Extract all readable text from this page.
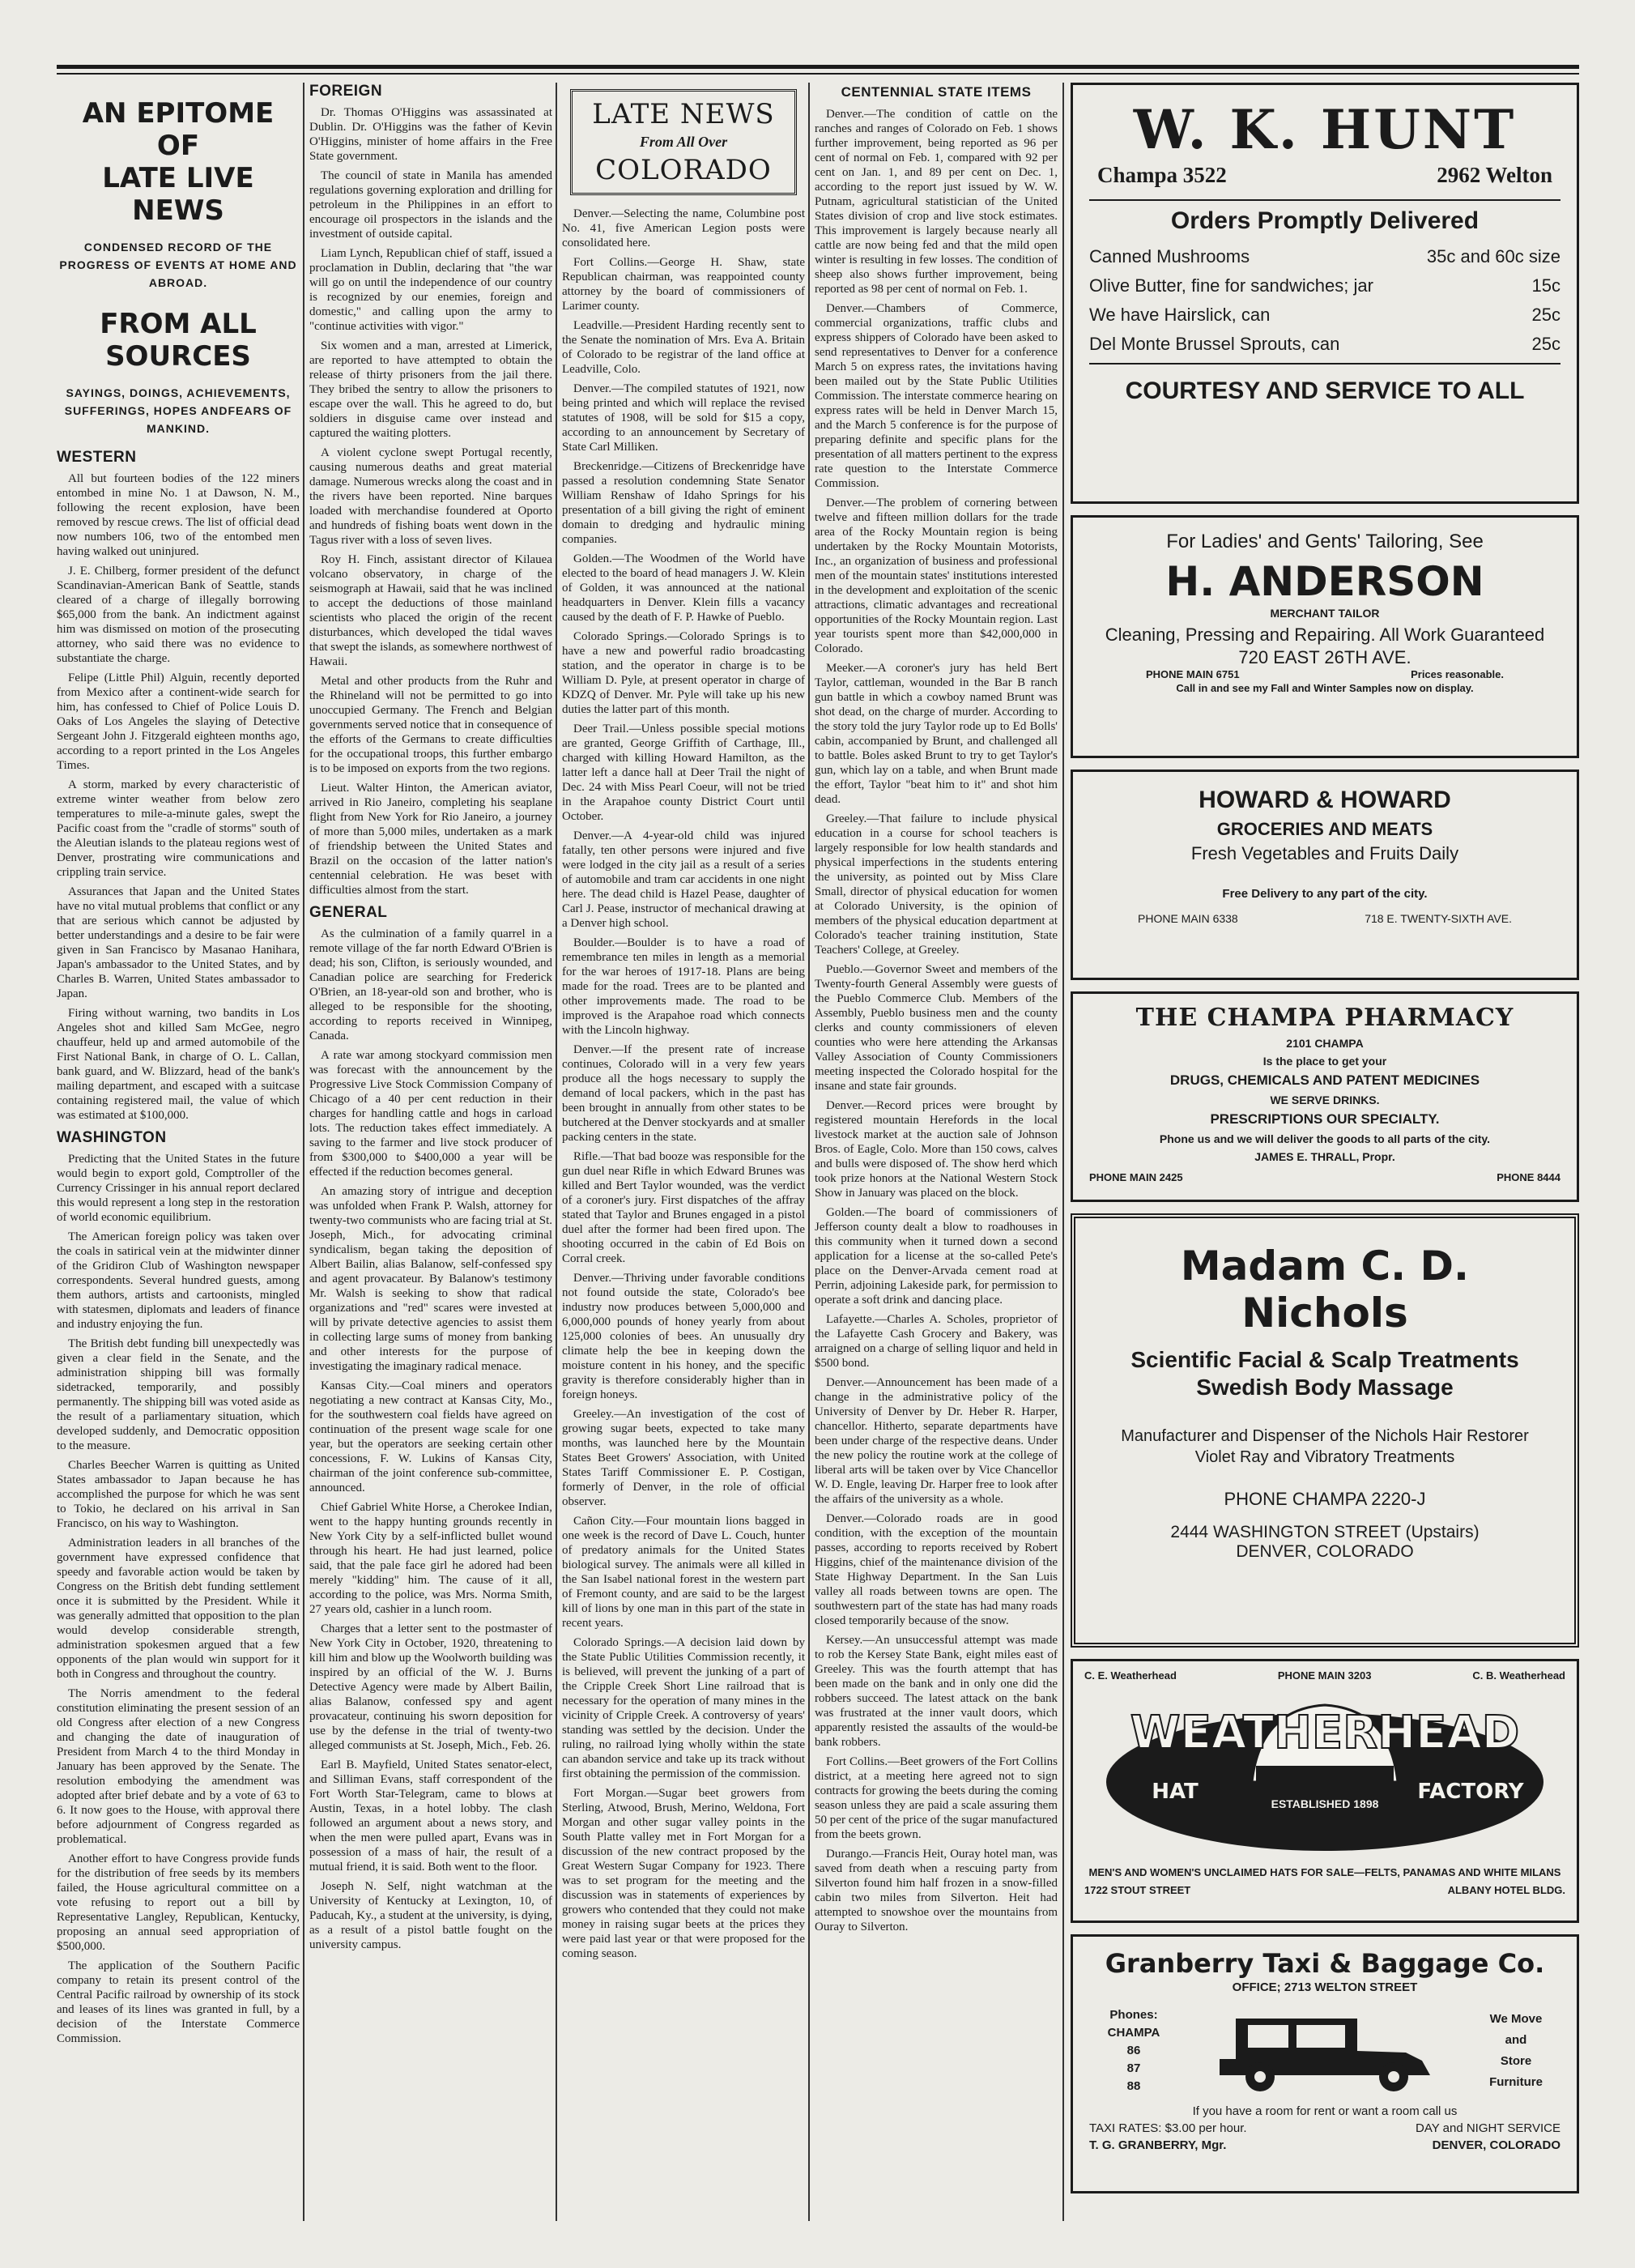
AN EPITOME OF
LATE LIVE NEWS
CONDENSED RECORD OF THE PROGRESS OF EVENTS AT HOME AND ABROAD.
FROM ALL SOURCES
SAYINGS, DOINGS, ACHIEVEMENTS, SUFFERINGS, HOPES ANDFEARS OF MANKIND.
WESTERN

All but fourteen bodies of the 122 miners entombed in mine No. 1 at Dawson, N. M., following the recent explosion, have been removed by rescue crews. The list of official dead now numbers 106, two of the entombed men having walked out uninjured.

J. E. Chilberg, former president of the defunct Scandinavian-American Bank of Seattle, stands cleared of a charge of illegally borrowing $65,000 from the bank. An indictment against him was dismissed on motion of the prosecuting attorney, who said there was no evidence to substantiate the charge.

Felipe (Little Phil) Alguin, recently deported from Mexico after a continent-wide search for him, has confessed to Chief of Police Louis D. Oaks of Los Angeles the slaying of Detective Sergeant John J. Fitzgerald eighteen months ago, according to a report printed in the Los Angeles Times.

A storm, marked by every characteristic of extreme winter weather from below zero temperatures to mile-a-minute gales, swept the Pacific coast from the "cradle of storms" south of the Aleutian islands to the plateau regions west of Denver, prostrating wire communications and crippling train service.

Assurances that Japan and the United States have no vital mutual problems that conflict or any that are serious which cannot be adjusted by better understandings and a desire to be fair were given in San Francisco by Masanao Hanihara, Japan's ambassador to the United States, and by Charles B. Warren, United States ambassador to Japan.

Firing without warning, two bandits in Los Angeles shot and killed Sam McGee, negro chauffeur, held up and armed automobile of the First National Bank, in charge of O. L. Callan, bank guard, and W. Blizzard, head of the bank's mailing department, and escaped with a suitcase containing registered mail, the value of which was estimated at $100,000.

WASHINGTON

Predicting that the United States in the future would begin to export gold, Comptroller of the Currency Crissinger in his annual report declared this would represent a long step in the restoration of world economic equilibrium.

The American foreign policy was taken over the coals in satirical vein at the midwinter dinner of the Gridiron Club of Washington newspaper correspondents. Several hundred guests, among them authors, artists and cartoonists, mingled with statesmen, diplomats and leaders of finance and industry enjoying the fun.

The British debt funding bill unexpectedly was given a clear field in the Senate, and the administration shipping bill was formally sidetracked, temporarily, and possibly permanently. The shipping bill was voted aside as the result of a parliamentary situation, which developed suddenly, and Democratic opposition to the measure.

Charles Beecher Warren is quitting as United States ambassador to Japan because he has accomplished the purpose for which he was sent to Tokio, he declared on his arrival in San Francisco, on his way to Washington.

Administration leaders in all branches of the government have expressed confidence that speedy and favorable action would be taken by Congress on the British debt funding settlement once it is submitted by the President. While it was generally admitted that opposition to the plan would develop considerable strength, administration spokesmen argued that a few opponents of the plan would win support for it both in Congress and throughout the country.

The Norris amendment to the federal constitution eliminating the present session of an old Congress after election of a new Congress and changing the date of inauguration of President from March 4 to the third Monday in January has been approved by the Senate. The resolution embodying the amendment was adopted after brief debate and by a vote of 63 to 6. It now goes to the House, with approval there before adjournment of Congress regarded as problematical.

Another effort to have Congress provide funds for the distribution of free seeds by its members failed, the House agricultural committee on a vote refusing to report out a bill by Representative Langley, Republican, Kentucky, proposing an annual seed appropriation of $500,000.

The application of the Southern Pacific company to retain its present control of the Central Pacific railroad by ownership of its stock and leases of its lines was granted in full, by a decision of the Interstate Commerce Commission.

FOREIGN

Dr. Thomas O'Higgins was assassinated at Dublin. Dr. O'Higgins was the father of Kevin O'Higgins, minister of home affairs in the Free State government.

The council of state in Manila has amended regulations governing exploration and drilling for petroleum in the Philippines in an effort to encourage oil prospectors in the islands and the investment of outside capital.

Liam Lynch, Republican chief of staff, issued a proclamation in Dublin, declaring that "the war will go on until the independence of our country is recognized by our enemies, foreign and domestic," and calling upon the army to "continue activities with vigor."

Six women and a man, arrested at Limerick, are reported to have attempted to obtain the release of thirty prisoners from the jail there. They bribed the sentry to allow the prisoners to escape over the wall. This he agreed to do, but soldiers in disguise came over instead and captured the waiting plotters.

A violent cyclone swept Portugal recently, causing numerous deaths and great material damage. Numerous wrecks along the coast and in the rivers have been reported. Nine barques loaded with merchandise foundered at Oporto and hundreds of fishing boats went down in the Tagus river with a loss of seven lives.

Roy H. Finch, assistant director of Kilauea volcano observatory, in charge of the seismograph at Hawaii, said that he was inclined to accept the deductions of those mainland scientists who placed the origin of the recent disturbances, which developed the tidal waves that swept the islands, as somewhere northwest of Hawaii.

Metal and other products from the Ruhr and the Rhineland will not be permitted to go into unoccupied Germany. The French and Belgian governments served notice that in consequence of the efforts of the Germans to create difficulties for the occupational troops, this further embargo is to be imposed on exports from the two regions.

Lieut. Walter Hinton, the American aviator, arrived in Rio Janeiro, completing his seaplane flight from New York for Rio Janeiro, a journey of more than 5,000 miles, undertaken as a mark of friendship between the United States and Brazil on the occasion of the latter nation's centennial celebration. He was beset with difficulties almost from the start.

GENERAL

As the culmination of a family quarrel in a remote village of the far north Edward O'Brien is dead; his son, Clifton, is seriously wounded, and Canadian police are searching for Frederick O'Brien, an 18-year-old son and brother, who is alleged to be responsible for the shooting, according to reports received in Winnipeg, Canada.

A rate war among stockyard commission men was forecast with the announcement by the Progressive Live Stock Commission Company of Chicago of a 40 per cent reduction in their charges for handling cattle and hogs in carload lots. The reduction takes effect immediately. A saving to the farmer and live stock producer of from $300,000 to $400,000 a year will be effected if the reduction becomes general.

An amazing story of intrigue and deception was unfolded when Frank P. Walsh, attorney for twenty-two communists who are facing trial at St. Joseph, Mich., for advocating criminal syndicalism, began taking the deposition of Albert Bailin, alias Balanow, self-confessed spy and agent provacateur. By Balanow's testimony Mr. Walsh is seeking to show that radical organizations and "red" scares were invested at will by private detective agencies to assist them in collecting large sums of money from banking and other interests for the purpose of investigating the imaginary radical menace.

Kansas City.—Coal miners and operators negotiating a new contract at Kansas City, Mo., for the southwestern coal fields have agreed on continuation of the present wage scale for one year, but the operators are seeking certain other concessions, F. W. Lukins of Kansas City, chairman of the joint conference sub-committee, announced.

Chief Gabriel White Horse, a Cherokee Indian, went to the happy hunting grounds recently in New York City by a self-inflicted bullet wound through his heart. He had just learned, police said, that the pale face girl he adored had been merely "kidding" him. The cause of it all, according to the police, was Mrs. Norma Smith, 27 years old, cashier in a lunch room.

Charges that a letter sent to the postmaster of New York City in October, 1920, threatening to kill him and blow up the Woolworth building was inspired by an official of the W. J. Burns Detective Agency were made by Albert Bailin, alias Balanow, confessed spy and agent provacateur, continuing his sworn deposition for use by the defense in the trial of twenty-two alleged communists at St. Joseph, Mich., Feb. 26.

Earl B. Mayfield, United States senator-elect, and Silliman Evans, staff correspondent of the Fort Worth Star-Telegram, came to blows at Austin, Texas, in a hotel lobby. The clash followed an argument about a news story, and when the men were pulled apart, Evans was in possession of a mass of hair, the result of a mutual friend, it is said. Both went to the floor.

Joseph N. Self, night watchman at the University of Kentucky at Lexington, 10, of Paducah, Ky., a student at the university, is dying, as a result of a pistol battle fought on the university campus.

LATE NEWS
From All Over
COLORADO

Denver.—Selecting the name, Columbine post No. 41, five American Legion posts were consolidated here.

Fort Collins.—George H. Shaw, state Republican chairman, was reappointed county attorney by the board of commissioners of Larimer county.

Leadville.—President Harding recently sent to the Senate the nomination of Mrs. Eva A. Britain of Colorado to be registrar of the land office at Leadville, Colo.

Denver.—The compiled statutes of 1921, now being printed and which will replace the revised statutes of 1908, will be sold for $15 a copy, according to an announcement by Secretary of State Carl Milliken.

Breckenridge.—Citizens of Breckenridge have passed a resolution condemning State Senator William Renshaw of Idaho Springs for his presentation of a bill giving the right of eminent domain to dredging and hydraulic mining companies.

Golden.—The Woodmen of the World have elected to the board of head managers J. W. Klein of Golden, it was announced at the national headquarters in Denver. Klein fills a vacancy caused by the death of F. P. Hawke of Pueblo.

Colorado Springs.—Colorado Springs is to have a new and powerful radio broadcasting station, and the operator in charge is to be William D. Pyle, at present operator in charge of KDZQ of Denver. Mr. Pyle will take up his new duties the latter part of this month.

Deer Trail.—Unless possible special motions are granted, George Griffith of Carthage, Ill., charged with killing Howard Hamilton, as the latter left a dance hall at Deer Trail the night of Dec. 24 with Miss Pearl Coeur, will not be tried in the Arapahoe county District Court until October.

Denver.—A 4-year-old child was injured fatally, ten other persons were injured and five were lodged in the city jail as a result of a series of automobile and tram car accidents in one night here. The dead child is Hazel Pease, daughter of Carl J. Pease, instructor of mechanical drawing at a Denver high school.

Boulder.—Boulder is to have a road of remembrance ten miles in length as a memorial for the war heroes of 1917-18. Plans are being made for the road. Trees are to be planted and other improvements made. The road to be improved is the Arapahoe road which connects with the Lincoln highway.

Denver.—If the present rate of increase continues, Colorado will in a very few years produce all the hogs necessary to supply the demand of local packers, which in the past has been brought in annually from other states to be butchered at the Denver stockyards and at smaller packing centers in the state.

Rifle.—That bad booze was responsible for the gun duel near Rifle in which Edward Brunes was killed and Bert Taylor wounded, was the verdict of a coroner's jury. First dispatches of the affray stated that Taylor and Brunes engaged in a pistol duel after the former had been fired upon. The shooting occurred in the cabin of Ed Bois on Corral creek.

Denver.—Thriving under favorable conditions not found outside the state, Colorado's bee industry now produces between 5,000,000 and 6,000,000 pounds of honey yearly from about 125,000 colonies of bees. An unusually dry climate help the bee in keeping down the moisture content in his honey, and the specific gravity is therefore considerably higher than in foreign honeys.

Greeley.—An investigation of the cost of growing sugar beets, expected to take many months, was launched here by the Mountain States Beet Growers' Association, with United States Tariff Commissioner E. P. Costigan, formerly of Denver, in the role of official observer.

Cañon City.—Four mountain lions bagged in one week is the record of Dave L. Couch, hunter of predatory animals for the United States biological survey. The animals were all killed in the San Isabel national forest in the western part of Fremont county, and are said to be the largest kill of lions by one man in this part of the state in recent years.

Colorado Springs.—A decision laid down by the State Public Utilities Commission recently, it is believed, will prevent the junking of a part of the Cripple Creek Short Line railroad that is necessary for the operation of many mines in the vicinity of Cripple Creek. A controversy of years' standing was settled by the decision. Under the ruling, no railroad lying wholly within the state can abandon service and take up its track without first obtaining the permission of the commission.

Fort Morgan.—Sugar beet growers from Sterling, Atwood, Brush, Merino, Weldona, Fort Morgan and other sugar valley points in the South Platte valley met in Fort Morgan for a discussion of the new contract proposed by the Great Western Sugar Company for 1923. There was to set program for the meeting and the discussion was in statements of experiences by growers who contended that they could not make money in raising sugar beets at the prices they were paid last year or that were proposed for the coming season.

CENTENNIAL STATE ITEMS

Denver.—The condition of cattle on the ranches and ranges of Colorado on Feb. 1 shows further improvement, being reported as 96 per cent of normal on Feb. 1, compared with 92 per cent on Jan. 1, and 89 per cent on Dec. 1, according to the report just issued by W. W. Putnam, agricultural statistician of the United States division of crop and live stock estimates. This improvement is largely because nearly all cattle are now being fed and that the mild open winter is resulting in few losses. The condition of sheep also shows further improvement, being reported as 98 per cent of normal on Feb. 1.

Denver.—Chambers of Commerce, commercial organizations, traffic clubs and express shippers of Colorado have been asked to send representatives to Denver for a conference March 5 on express rates, the invitations having been mailed out by the State Public Utilities Commission. The interstate commerce hearing on express rates will be held in Denver March 15, and the March 5 conference is for the purpose of preparing definite and specific plans for the presentation of all matters pertinent to the express rate question to the Interstate Commerce Commission.

Denver.—The problem of cornering between twelve and fifteen million dollars for the trade area of the Rocky Mountain region is being undertaken by the Rocky Mountain Motorists, Inc., an organization of business and professional men of the mountain states' institutions interested in the development and exploitation of the scenic attractions, climatic advantages and recreational opportunities of the Rocky Mountain region. Last year tourists spent more than $42,000,000 in Colorado.

Meeker.—A coroner's jury has held Bert Taylor, cattleman, wounded in the Bar B ranch gun battle in which a cowboy named Brunt was shot dead, on the charge of murder. According to the story told the jury Taylor rode up to Ed Bolls' cabin, accompanied by Brunt, and challenged all to battle. Boles asked Brunt to try to get Taylor's gun, which lay on a table, and when Brunt made the effort, Taylor "beat him to it" and shot him dead.

Greeley.—That failure to include physical education in a course for school teachers is largely responsible for low health standards and physical imperfections in the students entering the university, as pointed out by Miss Clare Small, director of physical education for women at Colorado University, is the opinion of members of the physical education department at Colorado's teacher training institution, State Teachers' College, at Greeley.

Pueblo.—Governor Sweet and members of the Twenty-fourth General Assembly were guests of the Pueblo Commerce Club. Members of the Assembly, Pueblo business men and the county clerks and county commissioners of eleven counties who were here attending the Arkansas Valley Association of County Commissioners meeting inspected the Colorado hospital for the insane and state fair grounds.

Denver.—Record prices were brought by registered mountain Herefords in the local livestock market at the auction sale of Johnson Bros. of Eagle, Colo. More than 150 cows, calves and bulls were disposed of. The show herd which took prize honors at the National Western Stock Show in January was placed on the block.

Golden.—The board of commissioners of Jefferson county dealt a blow to roadhouses in this community when it turned down a second application for a license at the so-called Pete's place on the Denver-Arvada cement road at Perrin, adjoining Lakeside park, for permission to operate a soft drink and dancing place.

Lafayette.—Charles A. Scholes, proprietor of the Lafayette Cash Grocery and Bakery, was arraigned on a charge of selling liquor and held in $500 bond.

Denver.—Announcement has been made of a change in the administrative policy of the University of Denver by Dr. Heber R. Harper, chancellor. Hitherto, separate departments have been under charge of the respective deans. Under the new policy the routine work at the college of liberal arts will be taken over by Vice Chancellor W. D. Engle, leaving Dr. Harper free to look after the affairs of the university as a whole.

Denver.—Colorado roads are in good condition, with the exception of the mountain passes, according to reports received by Robert Higgins, chief of the maintenance division of the State Highway Department. In the San Luis valley all roads between towns are open. The southwestern part of the state has had many roads closed temporarily because of the snow.

Kersey.—An unsuccessful attempt was made to rob the Kersey State Bank, eight miles east of Greeley. This was the fourth attempt that has been made on the bank and in only one did the robbers succeed. The latest attack on the bank was frustrated at the inner vault doors, which apparently resisted the assaults of the would-be bank robbers.

Fort Collins.—Beet growers of the Fort Collins district, at a meeting here agreed not to sign contracts for growing the beets during the coming season unless they are paid a scale assuring them 50 per cent of the price of the sugar manufactured from the beets grown.

Durango.—Francis Heit, Ouray hotel man, was saved from death when a rescuing party from Silverton found him half frozen in a snow-filled cabin two miles from Silverton. Heit had attempted to snowshoe over the mountains from Ouray to Silverton.

W. K. HUNT
Champa 3522	2962 Welton
Orders Promptly Delivered
Canned Mushrooms	35c and 60c size
Olive Butter, fine for sandwiches; jar	15c
We have Hairslick, can	25c
Del Monte Brussel Sprouts, can	25c
COURTESY AND SERVICE TO ALL
For Ladies' and Gents' Tailoring, See
H. ANDERSON
MERCHANT TAILOR
Cleaning, Pressing and Repairing. All Work Guaranteed
720 EAST 26TH AVE.
PHONE MAIN 6751	Prices reasonable.
Call in and see my Fall and Winter Samples now on display.
HOWARD & HOWARD
GROCERIES AND MEATS
Fresh Vegetables and Fruits Daily
Free Delivery to any part of the city.
PHONE MAIN 6338	718 E. TWENTY-SIXTH AVE.
THE CHAMPA PHARMACY
2101 CHAMPA
Is the place to get your
DRUGS, CHEMICALS AND PATENT MEDICINES
WE SERVE DRINKS.
PRESCRIPTIONS OUR SPECIALTY.
Phone us and we will deliver the goods to all parts of the city.
JAMES E. THRALL, Propr.
PHONE MAIN 2425	PHONE 8444
Madam C. D. Nichols
Scientific Facial & Scalp Treatments
Swedish Body Massage
Manufacturer and Dispenser of the Nichols Hair Restorer
Violet Ray and Vibratory Treatments
PHONE CHAMPA 2220-J
2444 WASHINGTON STREET (Upstairs)
DENVER, COLORADO
C. E. Weatherhead	PHONE MAIN 3203	C. B. Weatherhead
WEATHERHEAD
HAT	FACTORY
ESTABLISHED 1898
MEN'S AND WOMEN'S UNCLAIMED HATS FOR SALE—FELTS, PANAMAS AND WHITE MILANS
1722 STOUT STREET	ALBANY HOTEL BLDG.
Granberry Taxi & Baggage Co.
OFFICE; 2713 WELTON STREET
Phones:
CHAMPA
86
87
88
We Move
and
Store
Furniture
If you have a room for rent or want a room call us
TAXI RATES: $3.00 per hour.	DAY and NIGHT SERVICE
T. G. GRANBERRY, Mgr.	DENVER, COLORADO
